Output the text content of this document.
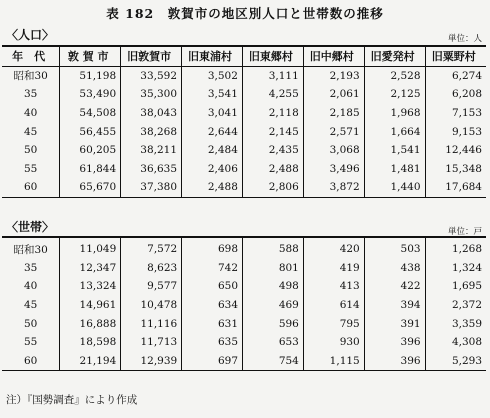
表 182　敦賀市の地区別人口と世帯数の推移
〈人口〉	単位：人
年　代	敦 賀 市	旧敦賀市	旧東浦村	旧東郷村	旧中郷村	旧愛発村	旧粟野村
昭和30	51,198	33,592	3,502	3,111	2,193	2,528	6,274
35	53,490	35,300	3,541	4,255	2,061	2,125	6,208
40	54,508	38,043	3,041	2,118	2,185	1,968	7,153
45	56,455	38,268	2,644	2,145	2,571	1,664	9,153
50	60,205	38,211	2,484	2,435	3,068	1,541	12,446
55	61,844	36,635	2,406	2,488	3,496	1,481	15,348
60	65,670	37,380	2,488	2,806	3,872	1,440	17,684
〈世帯〉	単位：戸
昭和30	11,049	7,572	698	588	420	503	1,268
35	12,347	8,623	742	801	419	438	1,324
40	13,324	9,577	650	498	413	422	1,695
45	14,961	10,478	634	469	614	394	2,372
50	16,888	11,116	631	596	795	391	3,359
55	18,598	11,713	635	653	930	396	4,308
60	21,194	12,939	697	754	1,115	396	5,293
注）『国勢調査』により作成
